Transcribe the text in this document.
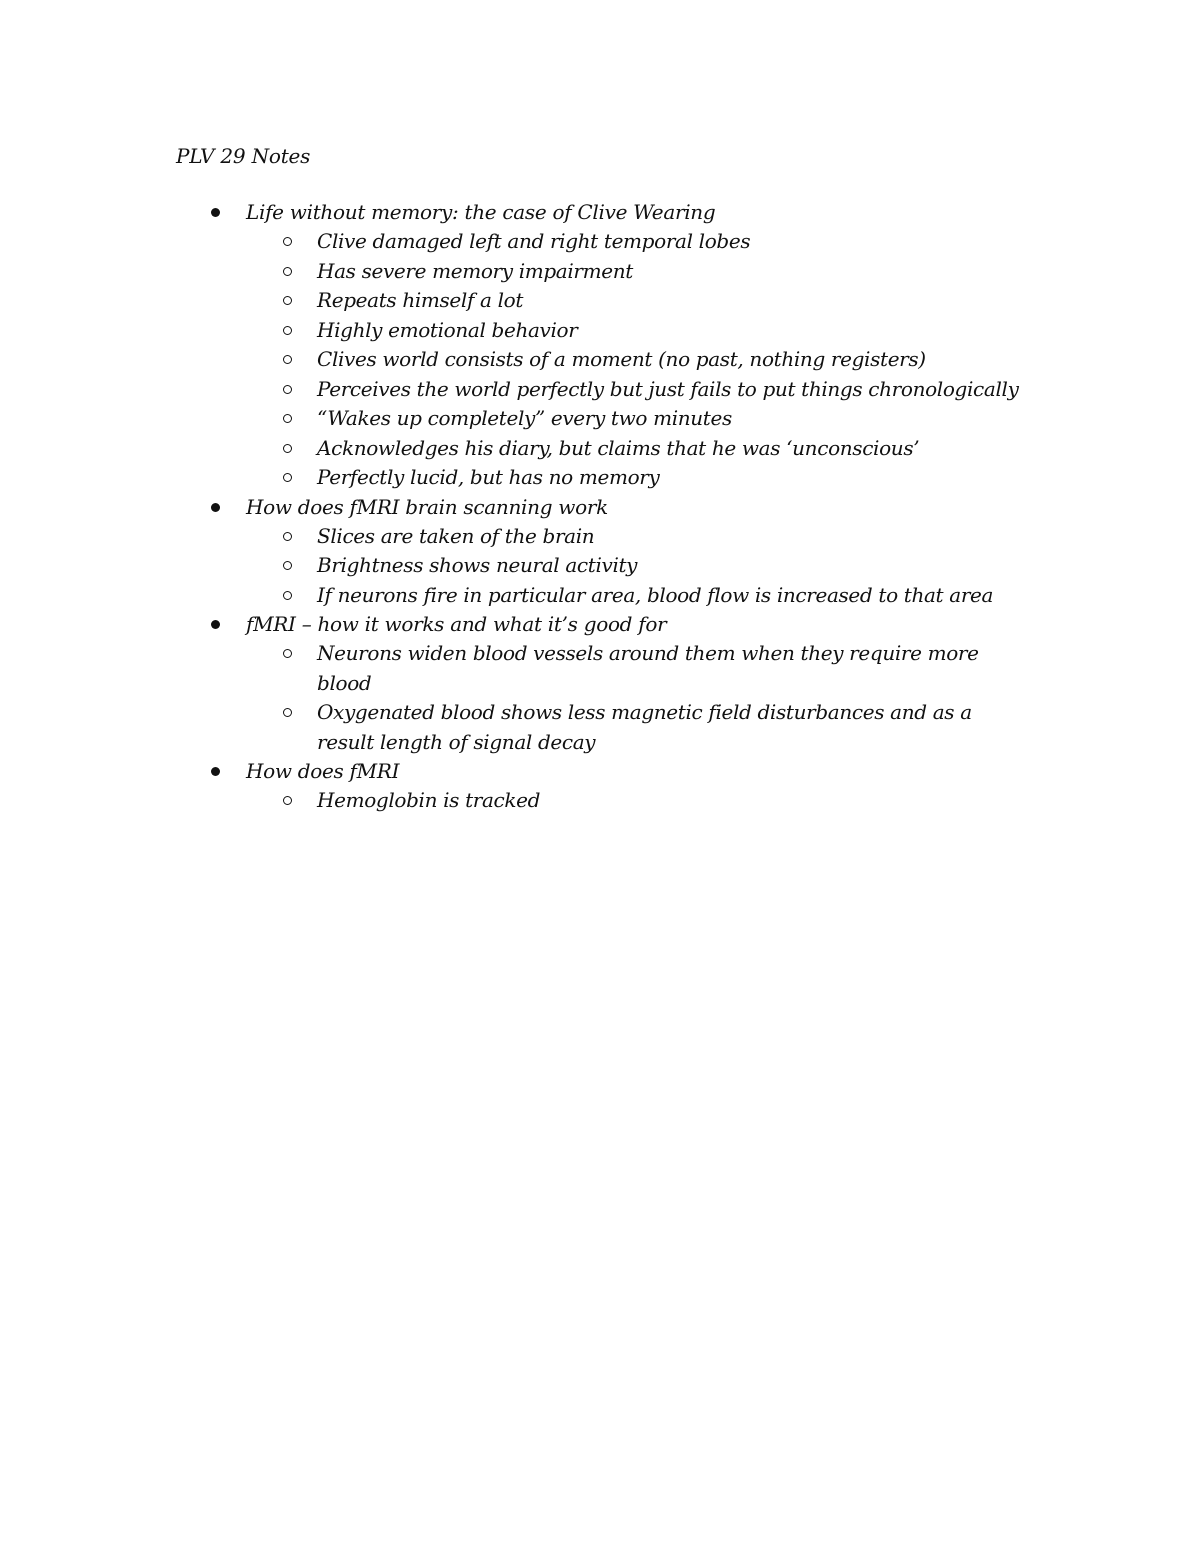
PLV 29 Notes
Life without memory: the case of Clive Wearing
Clive damaged left and right temporal lobes
Has severe memory impairment
Repeats himself a lot
Highly emotional behavior
Clives world consists of a moment (no past, nothing registers)
Perceives the world perfectly but just fails to put things chronologically
“Wakes up completely” every two minutes
Acknowledges his diary, but claims that he was ‘unconscious’
Perfectly lucid, but has no memory
How does fMRI brain scanning work
Slices are taken of the brain
Brightness shows neural activity
If neurons fire in particular area, blood flow is increased to that area
fMRI – how it works and what it’s good for
Neurons widen blood vessels around them when they require more blood
Oxygenated blood shows less magnetic field disturbances and as a result length of signal decay
How does fMRI
Hemoglobin is tracked
